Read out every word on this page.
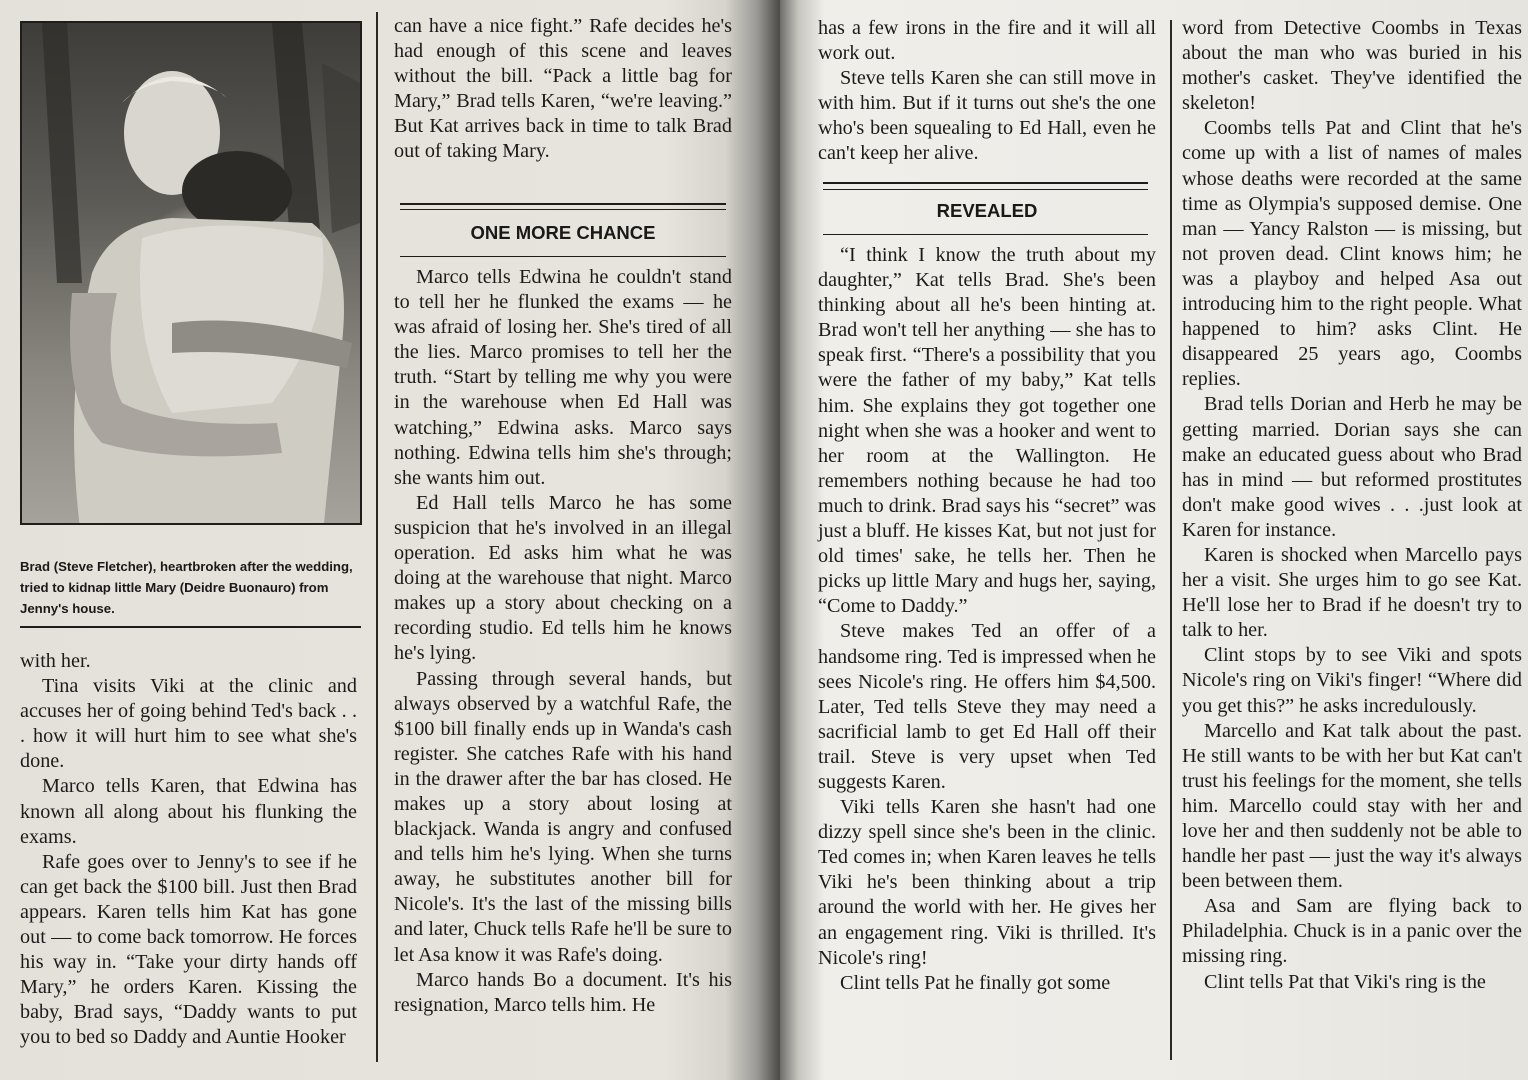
Brad (Steve Fletcher), heartbroken after the wedding, tried to kidnap little Mary (Deidre Buonauro) from Jenny's house.

with her.

Tina visits Viki at the clinic and accuses her of going behind Ted's back . . . how it will hurt him to see what she's done.

Marco tells Karen, that Edwina has known all along about his flunking the exams.

Rafe goes over to Jenny's to see if he can get back the $100 bill. Just then Brad appears. Karen tells him Kat has gone out — to come back tomorrow. He forces his way in. “Take your dirty hands off Mary,” he orders Karen. Kissing the baby, Brad says, “Daddy wants to put you to bed so Daddy and Auntie Hooker

can have a nice fight.” Rafe decides he's had enough of this scene and leaves without the bill. “Pack a little bag for Mary,” Brad tells Karen, “we're leaving.” But Kat arrives back in time to talk Brad out of taking Mary.

ONE MORE CHANCE

Marco tells Edwina he couldn't stand to tell her he flunked the exams — he was afraid of losing her. She's tired of all the lies. Marco promises to tell her the truth. “Start by telling me why you were in the warehouse when Ed Hall was watching,” Edwina asks. Marco says nothing. Edwina tells him she's through; she wants him out.

Ed Hall tells Marco he has some suspicion that he's involved in an illegal operation. Ed asks him what he was doing at the warehouse that night. Marco makes up a story about checking on a recording studio. Ed tells him he knows he's lying.

Passing through several hands, but always observed by a watchful Rafe, the $100 bill finally ends up in Wanda's cash register. She catches Rafe with his hand in the drawer after the bar has closed. He makes up a story about losing at blackjack. Wanda is angry and confused and tells him he's lying. When she turns away, he substitutes another bill for Nicole's. It's the last of the missing bills and later, Chuck tells Rafe he'll be sure to let Asa know it was Rafe's doing.

Marco hands Bo a document. It's his resignation, Marco tells him. He

has a few irons in the fire and it will all work out.

Steve tells Karen she can still move in with him. But if it turns out she's the one who's been squealing to Ed Hall, even he can't keep her alive.

REVEALED

“I think I know the truth about my daughter,” Kat tells Brad. She's been thinking about all he's been hinting at. Brad won't tell her anything — she has to speak first. “There's a possibility that you were the father of my baby,” Kat tells him. She explains they got together one night when she was a hooker and went to her room at the Wallington. He remembers nothing because he had too much to drink. Brad says his “secret” was just a bluff. He kisses Kat, but not just for old times' sake, he tells her. Then he picks up little Mary and hugs her, saying, “Come to Daddy.”

Steve makes Ted an offer of a handsome ring. Ted is impressed when he sees Nicole's ring. He offers him $4,500. Later, Ted tells Steve they may need a sacrificial lamb to get Ed Hall off their trail. Steve is very upset when Ted suggests Karen.

Viki tells Karen she hasn't had one dizzy spell since she's been in the clinic. Ted comes in; when Karen leaves he tells Viki he's been thinking about a trip around the world with her. He gives her an engagement ring. Viki is thrilled. It's Nicole's ring!

Clint tells Pat he finally got some

word from Detective Coombs in Texas about the man who was buried in his mother's casket. They've identified the skeleton!

Coombs tells Pat and Clint that he's come up with a list of names of males whose deaths were recorded at the same time as Olympia's supposed demise. One man — Yancy Ralston — is missing, but not proven dead. Clint knows him; he was a playboy and helped Asa out introducing him to the right people. What happened to him? asks Clint. He disappeared 25 years ago, Coombs replies.

Brad tells Dorian and Herb he may be getting married. Dorian says she can make an educated guess about who Brad has in mind — but reformed prostitutes don't make good wives . . .just look at Karen for instance.

Karen is shocked when Marcello pays her a visit. She urges him to go see Kat. He'll lose her to Brad if he doesn't try to talk to her.

Clint stops by to see Viki and spots Nicole's ring on Viki's finger! “Where did you get this?” he asks incredulously.

Marcello and Kat talk about the past. He still wants to be with her but Kat can't trust his feelings for the moment, she tells him. Marcello could stay with her and love her and then suddenly not be able to handle her past — just the way it's always been between them.

Asa and Sam are flying back to Philadelphia. Chuck is in a panic over the missing ring.

Clint tells Pat that Viki's ring is the
